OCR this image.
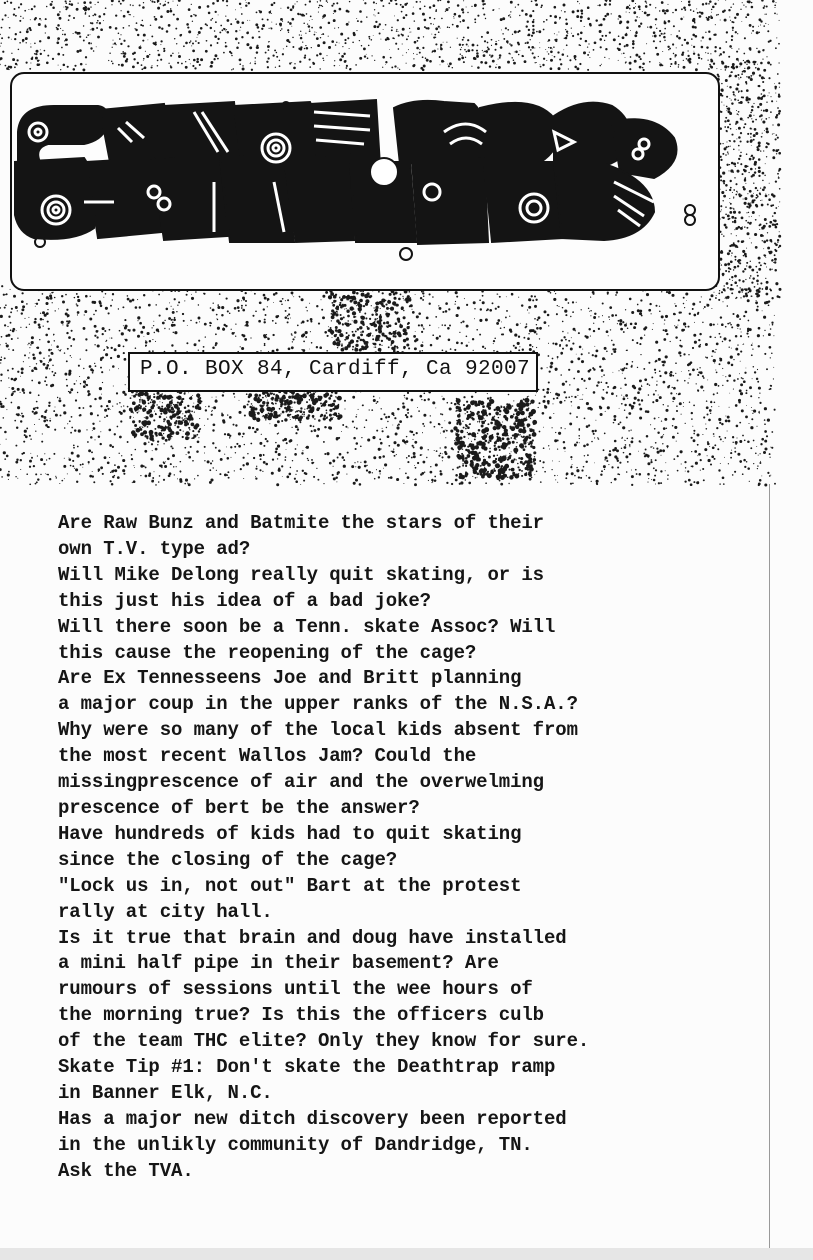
P.O. BOX 84, Cardiff, Ca 92007
Are Raw Bunz and Batmite the stars of their
own T.V. type ad?
Will Mike Delong really quit skating, or is
this just his idea of a bad joke?
Will there soon be a Tenn. skate Assoc? Will
this cause the reopening of the cage?
Are Ex Tennesseens Joe and Britt planning
a major coup in the upper ranks of the N.S.A.?
Why were so many of the local kids absent from
the most recent Wallos Jam? Could the
missingprescence of air and the overwelming
prescence of bert be the answer?
Have hundreds of kids had to quit skating
since the closing of the cage?
"Lock us in, not out" Bart at the protest
rally at city hall.
Is it true that brain and doug have installed
a mini half pipe in their basement? Are
rumours of sessions until the wee hours of
the morning true? Is this the officers culb
of the team THC elite? Only they know for sure.
Skate Tip #1: Don't skate the Deathtrap ramp
in Banner Elk, N.C.
Has a major new ditch discovery been reported
in the unlikly community of Dandridge, TN.
Ask the TVA.
